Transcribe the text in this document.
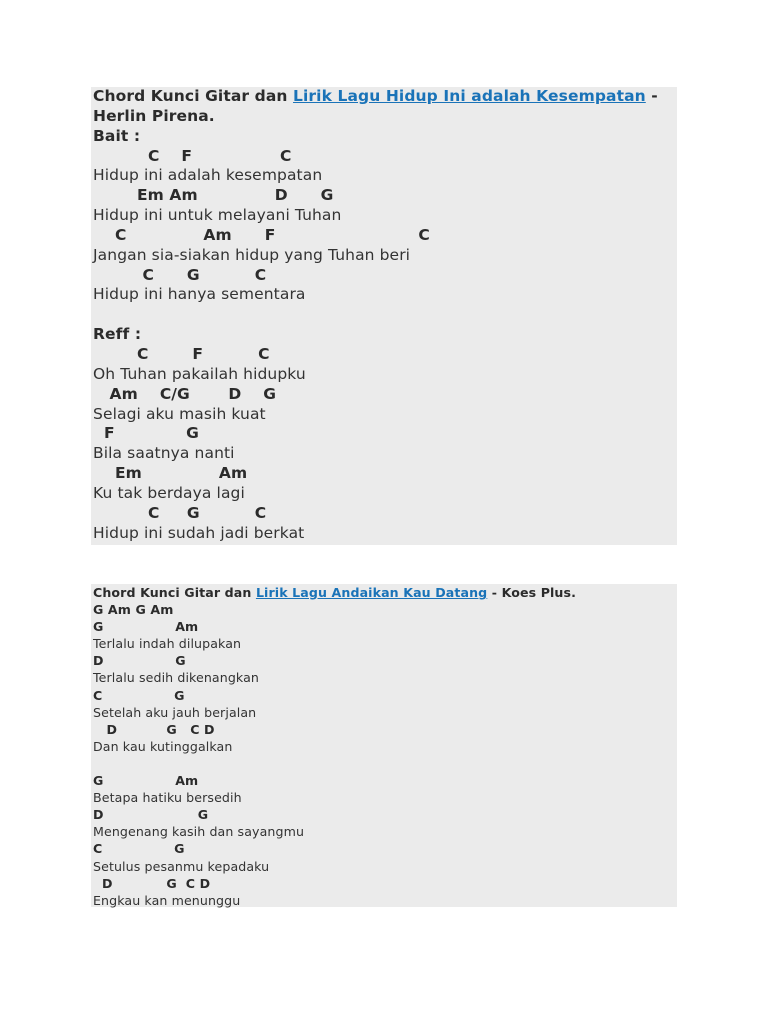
Chord Kunci Gitar dan Lirik Lagu Hidup Ini adalah Kesempatan -
Herlin Pirena.
Bait :
C    F                C
Hidup ini adalah kesempatan
Em Am              D      G
Hidup ini untuk melayani Tuhan
C              Am      F                          C
Jangan sia-siakan hidup yang Tuhan beri
C      G          C
Hidup ini hanya sementara
Reff :
C        F          C
Oh Tuhan pakailah hidupku
Am    C/G       D    G
Selagi aku masih kuat
F             G
Bila saatnya nanti
Em              Am
Ku tak berdaya lagi
C     G          C
Hidup ini sudah jadi berkat
Chord Kunci Gitar dan Lirik Lagu Andaikan Kau Datang - Koes Plus.
G Am G Am
G                Am
Terlalu indah dilupakan
D                G
Terlalu sedih dikenangkan
C                G
Setelah aku jauh berjalan
D           G   C D
Dan kau kutinggalkan
G                Am
Betapa hatiku bersedih
D                     G
Mengenang kasih dan sayangmu
C                G
Setulus pesanmu kepadaku
D            G  C D
Engkau kan menunggu
